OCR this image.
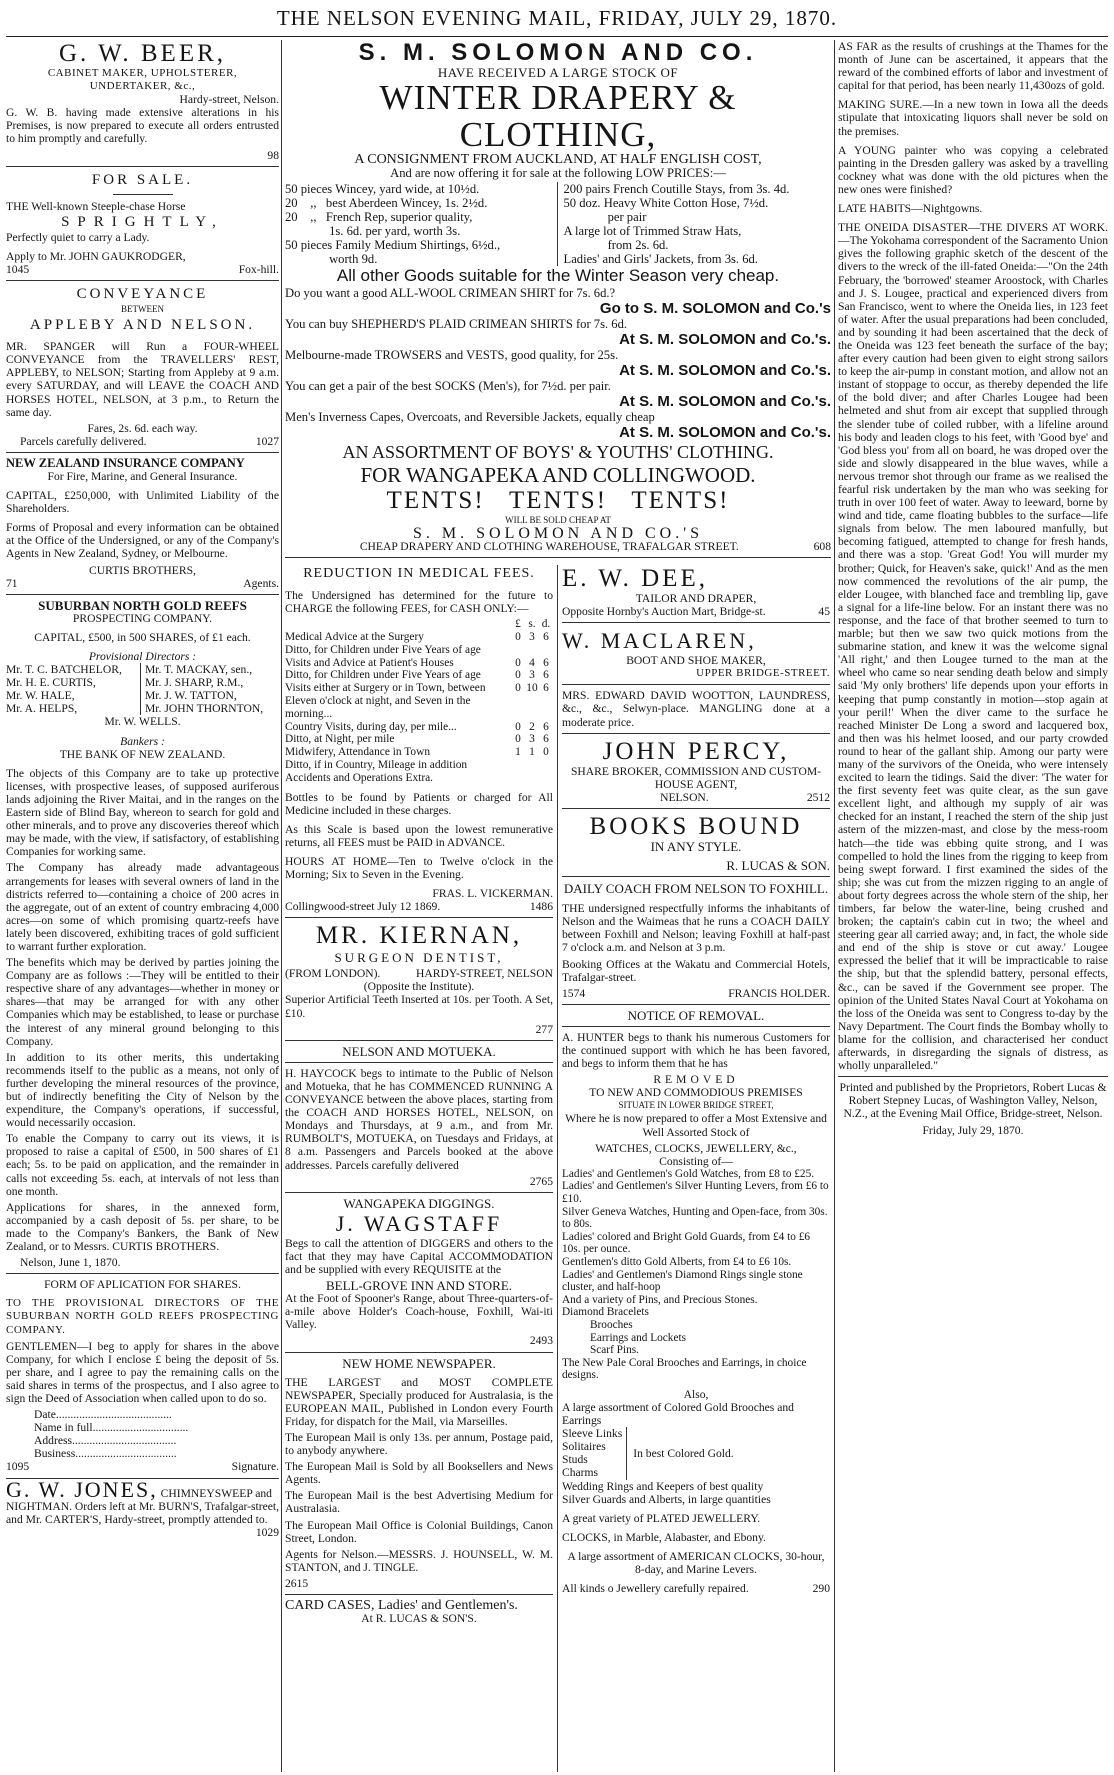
THE NELSON EVENING MAIL, FRIDAY, JULY 29, 1870.
G. W. BEER,
CABINET MAKER, UPHOLSTERER, UNDERTAKER, &c.,
Hardy-street, Nelson.

G. W. B. having made extensive alterations in his Premises, is now prepared to execute all orders entrusted to him promptly and carefully.

98
FOR SALE.
THE Well-known Steeple-chase Horse
SPRIGHTLY,
Perfectly quiet to carry a Lady.
Apply to Mr. JOHN GAUKRODGER,
1045	Fox-hill.
CONVEYANCE
BETWEEN
APPLEBY AND NELSON.

MR. SPANGER will Run a FOUR-WHEEL CONVEYANCE from the TRAVELLERS' REST, APPLEBY, to NELSON; Starting from Appleby at 9 a.m. every SATURDAY, and will LEAVE the COACH AND HORSES HOTEL, NELSON, at 3 p.m., to Return the same day.

Fares, 2s. 6d. each way.
Parcels carefully delivered.	1027
NEW ZEALAND INSURANCE COMPANY
For Fire, Marine, and General Insurance.

CAPITAL, £250,000, with Unlimited Liability of the Shareholders.

Forms of Proposal and every information can be obtained at the Office of the Undersigned, or any of the Company's Agents in New Zealand, Sydney, or Melbourne.

CURTIS BROTHERS,
71	Agents.
SUBURBAN NORTH GOLD REEFS
PROSPECTING COMPANY.
CAPITAL, £500, in 500 SHARES, of £1 each.
Provisional Directors :
Mr. T. C. BATCHELOR,
Mr. H. E. CURTIS,
Mr. W. HALE,
Mr. A. HELPS,
Mr. T. MACKAY, sen.,
Mr. J. SHARP, R.M.,
Mr. J. W. TATTON,
Mr. JOHN THORNTON,
Mr. W. WELLS.
Bankers :
THE BANK OF NEW ZEALAND.

The objects of this Company are to take up protective licenses, with prospective leases, of supposed auriferous lands adjoining the River Maitai, and in the ranges on the Eastern side of Blind Bay, whereon to search for gold and other minerals, and to prove any discoveries thereof which may be made, with the view, if satisfactory, of establishing Companies for working same.

The Company has already made advantageous arrangements for leases with several owners of land in the districts referred to—containing a choice of 200 acres in the aggregate, out of an extent of country embracing 4,000 acres—on some of which promising quartz-reefs have lately been discovered, exhibiting traces of gold sufficient to warrant further exploration.

The benefits which may be derived by parties joining the Company are as follows :—They will be entitled to their respective share of any advantages—whether in money or shares—that may be arranged for with any other Companies which may be established, to lease or purchase the interest of any mineral ground belonging to this Company.

In addition to its other merits, this undertaking recommends itself to the public as a means, not only of further developing the mineral resources of the province, but of indirectly benefiting the City of Nelson by the expenditure, the Company's operations, if successful, would necessarily occasion.

To enable the Company to carry out its views, it is proposed to raise a capital of £500, in 500 shares of £1 each; 5s. to be paid on application, and the remainder in calls not exceeding 5s. each, at intervals of not less than one month.

Applications for shares, in the annexed form, accompanied by a cash deposit of 5s. per share, to be made to the Company's Bankers, the Bank of New Zealand, or to Messrs. CURTIS BROTHERS.

Nelson, June 1, 1870.
FORM OF APLICATION FOR SHARES.

TO THE PROVISIONAL DIRECTORS OF THE SUBURBAN NORTH GOLD REEFS PROSPECTING COMPANY.

GENTLEMEN—I beg to apply for shares in the above Company, for which I enclose £ being the deposit of 5s. per share, and I agree to pay the remaining calls on the said shares in terms of the prospectus, and I also agree to sign the Deed of Association when called upon to do so.

Date........................................
Name in full.................................
Address....................................
Business...................................
1095	Signature.
G. W. JONES, CHIMNEYSWEEP and NIGHTMAN. Orders left at Mr. BURN'S, Trafalgar-street, and Mr. CARTER'S, Hardy-street, promptly attended to.
1029
S. M. SOLOMON AND CO.
HAVE RECEIVED A LARGE STOCK OF
WINTER DRAPERY & CLOTHING,
A CONSIGNMENT FROM AUCKLAND, AT HALF ENGLISH COST,
And are now offering it for sale at the following LOW PRICES:—
50 pieces Wincey, yard wide, at 10½d.
20    ,,   best Aberdeen Wincey, 1s. 2½d.
20    ,,   French Rep, superior quality,
1s. 6d. per yard, worth 3s.
50 pieces Family Medium Shirtings, 6½d.,
worth 9d.
200 pairs French Coutille Stays, from 3s. 4d.
50 doz. Heavy White Cotton Hose, 7½d.
per pair
A large lot of Trimmed Straw Hats,
from 2s. 6d.
Ladies' and Girls' Jackets, from 3s. 6d.
All other Goods suitable for the Winter Season very cheap.
Do you want a good ALL-WOOL CRIMEAN SHIRT for 7s. 6d.?
Go to S. M. SOLOMON and Co.'s
You can buy SHEPHERD'S PLAID CRIMEAN SHIRTS for 7s. 6d.
At S. M. SOLOMON and Co.'s.
Melbourne-made TROWSERS and VESTS, good quality, for 25s.
At S. M. SOLOMON and Co.'s.
You can get a pair of the best SOCKS (Men's), for 7½d. per pair.
At S. M. SOLOMON and Co.'s.
Men's Inverness Capes, Overcoats, and Reversible Jackets, equally cheap
At S. M. SOLOMON and Co.'s.
AN ASSORTMENT OF BOYS' & YOUTHS' CLOTHING.
FOR WANGAPEKA AND COLLINGWOOD.
TENTS!   TENTS!   TENTS!
WILL BE SOLD CHEAP AT
S. M. SOLOMON AND CO.'S
CHEAP DRAPERY AND CLOTHING WAREHOUSE, TRAFALGAR STREET.	608
REDUCTION IN MEDICAL FEES.

The Undersigned has determined for the future to CHARGE the following FEES, for CASH ONLY:—

	£	s.	d.
Medical Advice at the Surgery	0	3	6
Ditto, for Children under Five Years of age			
Visits and Advice at Patient's Houses	0	4	6
Ditto, for Children under Five Years of age	0	3	6
Visits either at Surgery or in Town, between Eleven o'clock at night, and Seven in the morning...	0	10	6
Country Visits, during day, per mile...	0	2	6
Ditto, at Night, per mile	0	3	6
Midwifery, Attendance in Town	1	1	0
Ditto, if in Country, Mileage in addition			
Accidents and Operations Extra.			

Bottles to be found by Patients or charged for All Medicine included in these charges.

As this Scale is based upon the lowest remunerative returns, all FEES must be PAID in ADVANCE.

HOURS AT HOME—Ten to Twelve o'clock in the Morning; Six to Seven in the Evening.

FRAS. L. VICKERMAN.
Collingwood-street July 12 1869.	1486
MR. KIERNAN,
SURGEON DENTIST,
(FROM LONDON).	HARDY-STREET, NELSON
(Opposite the Institute).

Superior Artificial Teeth Inserted at 10s. per Tooth. A Set, £10.

277
NELSON AND MOTUEKA.

H. HAYCOCK begs to intimate to the Public of Nelson and Motueka, that he has COMMENCED RUNNING A CONVEYANCE between the above places, starting from the COACH AND HORSES HOTEL, NELSON, on Mondays and Thursdays, at 9 a.m., and from Mr. RUMBOLT'S, MOTUEKA, on Tuesdays and Fridays, at 8 a.m. Passengers and Parcels booked at the above addresses. Parcels carefully delivered

2765
WANGAPEKA DIGGINGS.
J. WAGSTAFF

Begs to call the attention of DIGGERS and others to the fact that they may have Capital ACCOMMODATION and be supplied with every REQUISITE at the

BELL-GROVE INN AND STORE.

At the Foot of Spooner's Range, about Three-quarters-of-a-mile above Holder's Coach-house, Foxhill, Wai-iti Valley.

2493
NEW HOME NEWSPAPER.

THE LARGEST and MOST COMPLETE NEWSPAPER, Specially produced for Australasia, is the EUROPEAN MAIL, Published in London every Fourth Friday, for dispatch for the Mail, via Marseilles.

The European Mail is only 13s. per annum, Postage paid, to anybody anywhere.

The European Mail is Sold by all Booksellers and News Agents.

The European Mail is the best Advertising Medium for Australasia.

The European Mail Office is Colonial Buildings, Canon Street, London.

Agents for Nelson.—MESSRS. J. HOUNSELL, W. M. STANTON, and J. TINGLE.

2615
CARD CASES, Ladies' and Gentlemen's.
At R. LUCAS & SON'S.
E. W. DEE,
TAILOR AND DRAPER,
Opposite Hornby's Auction Mart, Bridge-st.	45
W. MACLAREN,
BOOT AND SHOE MAKER,
UPPER BRIDGE-STREET.

MRS. EDWARD DAVID WOOTTON, LAUNDRESS, &c., &c., Selwyn-place. MANGLING done at a moderate price.

JOHN PERCY,
SHARE BROKER, COMMISSION AND CUSTOM-HOUSE AGENT,
NELSON.	2512
BOOKS BOUND
IN ANY STYLE.
R. LUCAS & SON.
DAILY COACH FROM NELSON TO FOXHILL.

THE undersigned respectfully informs the inhabitants of Nelson and the Waimeas that he runs a COACH DAILY between Foxhill and Nelson; leaving Foxhill at half-past 7 o'clock a.m. and Nelson at 3 p.m.

Booking Offices at the Wakatu and Commercial Hotels, Trafalgar-street.

1574	FRANCIS HOLDER.
NOTICE OF REMOVAL.

A. HUNTER begs to thank his numerous Customers for the continued support with which he has been favored, and begs to inform them that he has

REMOVED
TO NEW AND COMMODIOUS PREMISES
SITUATE IN LOWER BRIDGE STREET,

Where he is now prepared to offer a Most Extensive and Well Assorted Stock of

WATCHES, CLOCKS, JEWELLERY, &c.,
Consisting of—
Ladies' and Gentlemen's Gold Watches, from £8 to £25.
Ladies' and Gentlemen's Silver Hunting Levers, from £6 to £10.
Silver Geneva Watches, Hunting and Open-face, from 30s. to 80s.
Ladies' colored and Bright Gold Guards, from £4 to £6 10s. per ounce.
Gentlemen's ditto Gold Alberts, from £4 to £6 10s.
Ladies' and Gentlemen's Diamond Rings single stone cluster, and half-hoop
And a variety of Pins, and Precious Stones.
Diamond Bracelets
Brooches
Earrings and Lockets
Scarf Pins.
The New Pale Coral Brooches and Earrings, in choice designs.
Also,
A large assortment of Colored Gold Brooches and Earrings
Sleeve Links
Solitaires
Studs
Charms
In best Colored Gold.
Wedding Rings and Keepers of best quality
Silver Guards and Alberts, in large quantities
A great variety of PLATED JEWELLERY.
CLOCKS, in Marble, Alabaster, and Ebony.
A large assortment of AMERICAN CLOCKS, 30-hour, 8-day, and Marine Levers.
All kinds o Jewellery carefully repaired.	290

AS FAR as the results of crushings at the Thames for the month of June can be ascertained, it appears that the reward of the combined efforts of labor and investment of capital for that period, has been nearly 11,430ozs of gold.

MAKING SURE.—In a new town in Iowa all the deeds stipulate that intoxicating liquors shall never be sold on the premises.

A YOUNG painter who was copying a celebrated painting in the Dresden gallery was asked by a travelling cockney what was done with the old pictures when the new ones were finished?

LATE HABITS—Nightgowns.

THE ONEIDA DISASTER—THE DIVERS AT WORK.—The Yokohama correspondent of the Sacramento Union gives the following graphic sketch of the descent of the divers to the wreck of the ill-fated Oneida:—"On the 24th February, the 'borrowed' steamer Aroostock, with Charles and J. S. Lougee, practical and experienced divers from San Francisco, went to where the Oneida lies, in 123 feet of water. After the usual preparations had been concluded, and by sounding it had been ascertained that the deck of the Oneida was 123 feet beneath the surface of the bay; after every caution had been given to eight strong sailors to keep the air-pump in constant motion, and allow not an instant of stoppage to occur, as thereby depended the life of the bold diver; and after Charles Lougee had been helmeted and shut from air except that supplied through the slender tube of coiled rubber, with a lifeline around his body and leaden clogs to his feet, with 'Good bye' and 'God bless you' from all on board, he was droped over the side and slowly disappeared in the blue waves, while a nervous tremor shot through our frame as we realised the fearful risk undertaken by the man who was seeking for truth in over 100 feet of water. Away to leeward, borne by wind and tide, came floating bubbles to the surface—life signals from below. The men laboured manfully, but becoming fatigued, attempted to change for fresh hands, and there was a stop. 'Great God! You will murder my brother; Quick, for Heaven's sake, quick!' And as the men now commenced the revolutions of the air pump, the elder Lougee, with blanched face and trembling lip, gave a signal for a life-line below. For an instant there was no response, and the face of that brother seemed to turn to marble; but then we saw two quick motions from the submarine station, and knew it was the welcome signal 'All right,' and then Lougee turned to the man at the wheel who came so near sending death below and simply said 'My only brothers' life depends upon your efforts in keeping that pump constantly in motion—stop again at your peril!' When the diver came to the surface he reached Minister De Long a sword and lacquered box, and then was his helmet loosed, and our party crowded round to hear of the gallant ship. Among our party were many of the survivors of the Oneida, who were intensely excited to learn the tidings. Said the diver: 'The water for the first seventy feet was quite clear, as the sun gave excellent light, and although my supply of air was checked for an instant, I reached the stern of the ship just astern of the mizzen-mast, and close by the mess-room hatch—the tide was ebbing quite strong, and I was compelled to hold the lines from the rigging to keep from being swept forward. I first examined the sides of the ship; she was cut from the mizzen rigging to an angle of about forty degrees across the whole stern of the ship, her timbers, far below the water-line, being crushed and broken; the captain's cabin cut in two; the wheel and steering gear all carried away; and, in fact, the whole side and end of the ship is stove or cut away.' Lougee expressed the belief that it will be impracticable to raise the ship, but that the splendid battery, personal effects, &c., can be saved if the Government see proper. The opinion of the United States Naval Court at Yokohama on the loss of the Oneida was sent to Congress to-day by the Navy Department. The Court finds the Bombay wholly to blame for the collision, and characterised her conduct afterwards, in disregarding the signals of distress, as wholly unparalleled."

Printed and published by the Proprietors, Robert Lucas & Robert Stepney Lucas, of Washington Valley, Nelson, N.Z., at the Evening Mail Office, Bridge-street, Nelson.

Friday, July 29, 1870.
